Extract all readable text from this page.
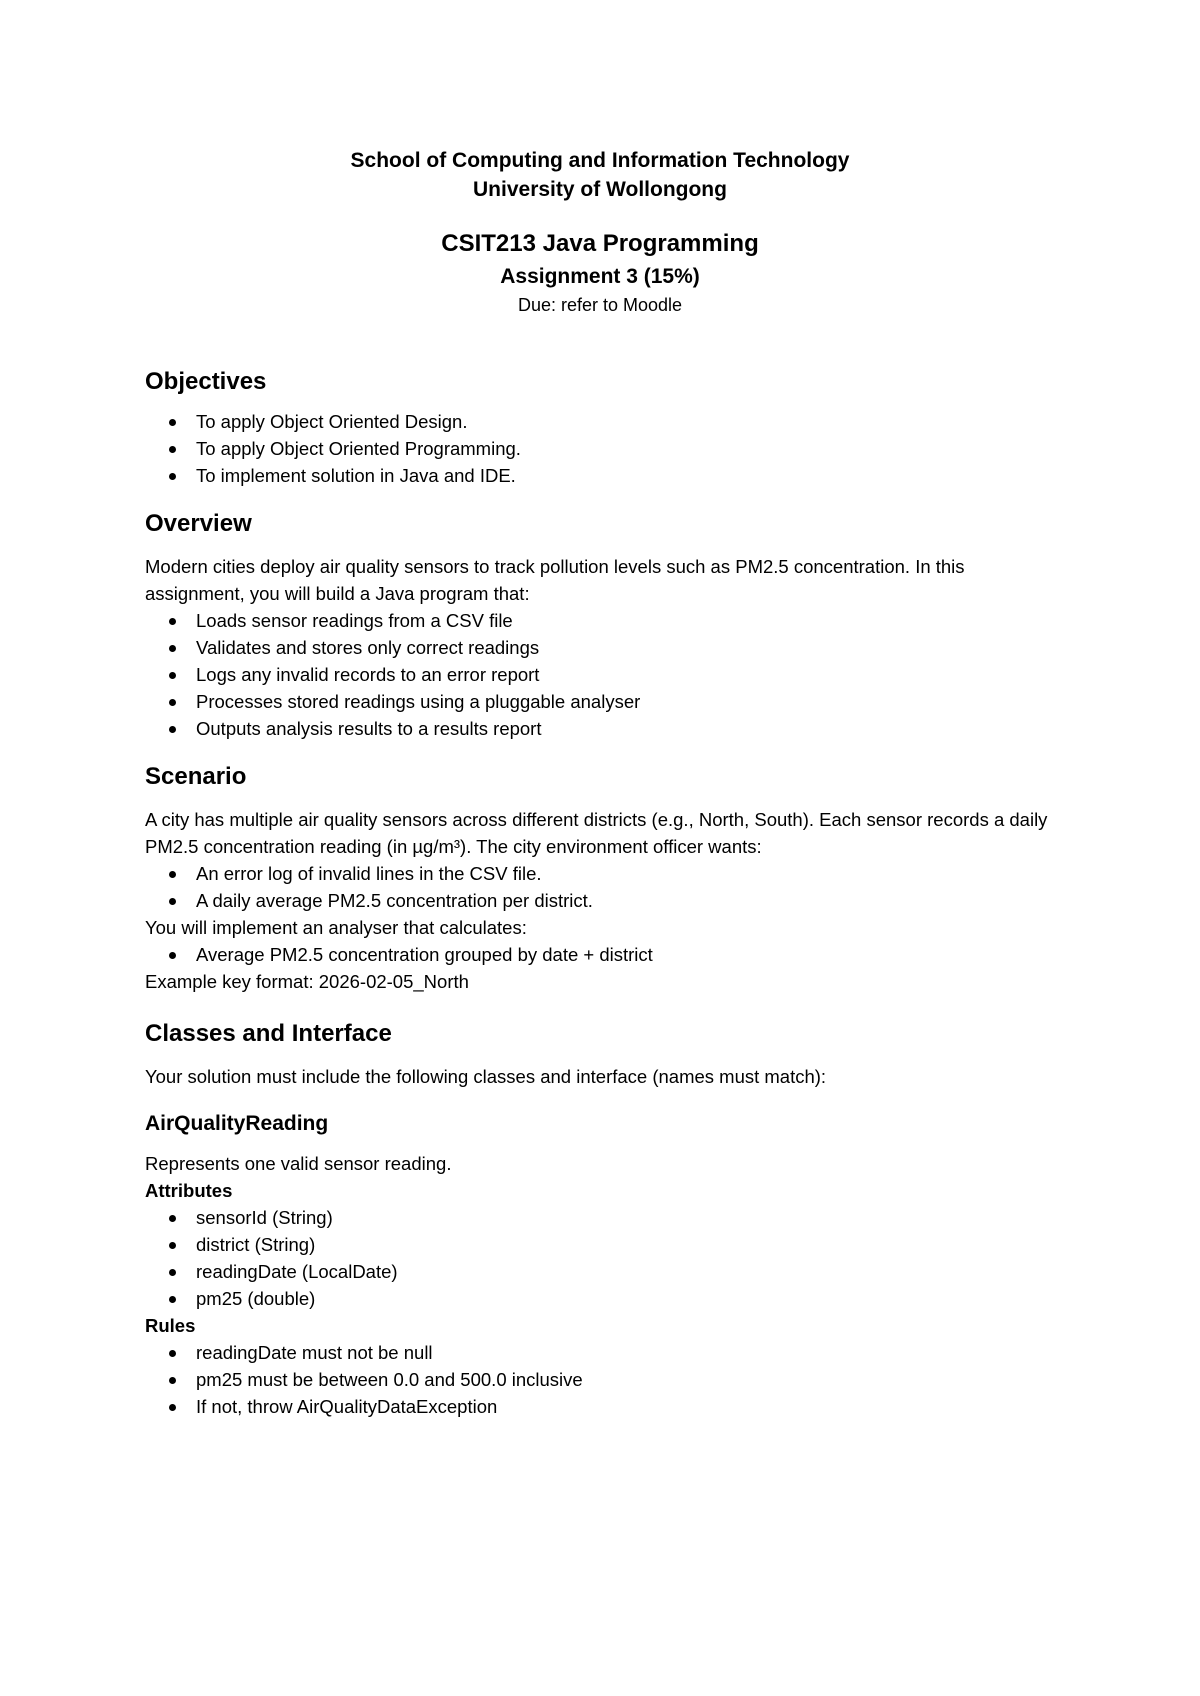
School of Computing and Information Technology
University of Wollongong
CSIT213 Java Programming
Assignment 3 (15%)
Due: refer to Moodle
Objectives
To apply Object Oriented Design.
To apply Object Oriented Programming.
To implement solution in Java and IDE.
Overview

Modern cities deploy air quality sensors to track pollution levels such as PM2.5 concentration. In this assignment, you will build a Java program that:

Loads sensor readings from a CSV file
Validates and stores only correct readings
Logs any invalid records to an error report
Processes stored readings using a pluggable analyser
Outputs analysis results to a results report
Scenario

A city has multiple air quality sensors across different districts (e.g., North, South). Each sensor records a daily PM2.5 concentration reading (in µg/m³). The city environment officer wants:

An error log of invalid lines in the CSV file.
A daily average PM2.5 concentration per district.

You will implement an analyser that calculates:

Average PM2.5 concentration grouped by date + district

Example key format: 2026-02-05_North

Classes and Interface

Your solution must include the following classes and interface (names must match):

AirQualityReading

Represents one valid sensor reading.

Attributes

sensorId (String)
district (String)
readingDate (LocalDate)
pm25 (double)

Rules

readingDate must not be null
pm25 must be between 0.0 and 500.0 inclusive
If not, throw AirQualityDataException
